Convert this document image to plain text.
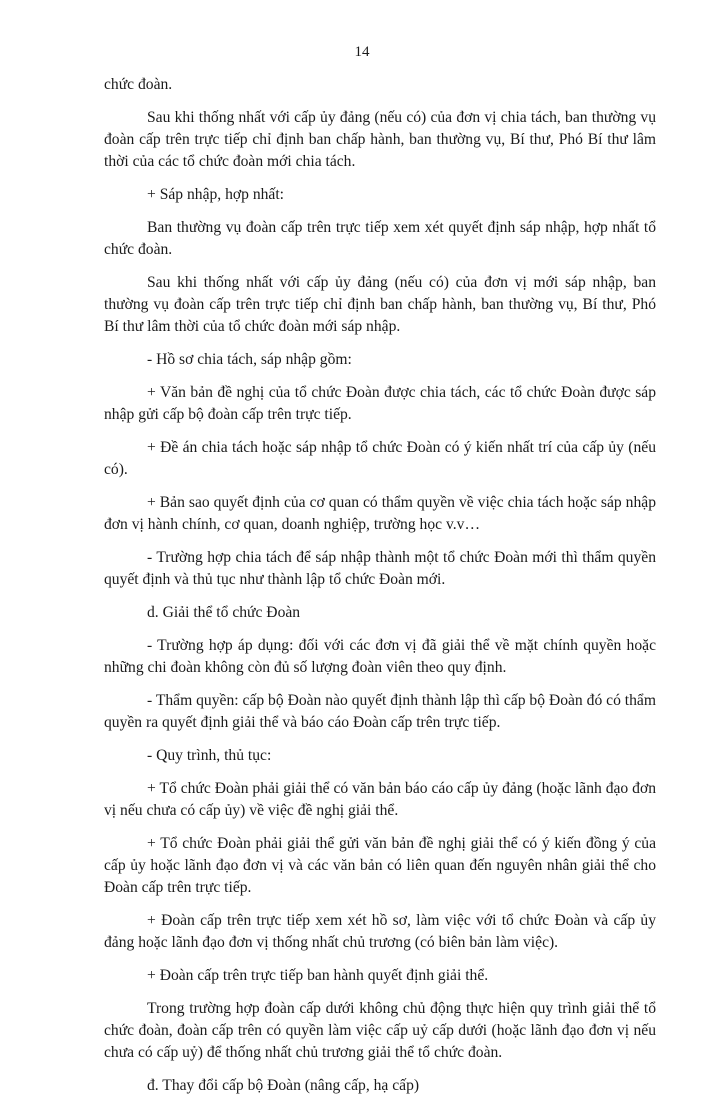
14

chức đoàn.

Sau khi thống nhất với cấp ủy đảng (nếu có) của đơn vị chia tách, ban thường vụ đoàn cấp trên trực tiếp chỉ định ban chấp hành, ban thường vụ, Bí thư, Phó Bí thư lâm thời của các tổ chức đoàn mới chia tách.

+ Sáp nhập, hợp nhất:

Ban thường vụ đoàn cấp trên trực tiếp xem xét quyết định sáp nhập, hợp nhất tổ chức đoàn.

Sau khi thống nhất với cấp ủy đảng (nếu có) của đơn vị mới sáp nhập, ban thường vụ đoàn cấp trên trực tiếp chỉ định ban chấp hành, ban thường vụ, Bí thư, Phó Bí thư lâm thời của tổ chức đoàn mới sáp nhập.

- Hồ sơ chia tách, sáp nhập gồm:

+ Văn bản đề nghị của tổ chức Đoàn được chia tách, các tổ chức Đoàn được sáp nhập gửi cấp bộ đoàn cấp trên trực tiếp.

+ Đề án chia tách hoặc sáp nhập tổ chức Đoàn có ý kiến nhất trí của cấp ủy (nếu có).

+ Bản sao quyết định của cơ quan có thẩm quyền về việc chia tách hoặc sáp nhập đơn vị hành chính, cơ quan, doanh nghiệp, trường học v.v…

- Trường hợp chia tách để sáp nhập thành một tổ chức Đoàn mới thì thẩm quyền quyết định và thủ tục như thành lập tổ chức Đoàn mới.

d. Giải thể tổ chức Đoàn

- Trường hợp áp dụng: đối với các đơn vị đã giải thể về mặt chính quyền hoặc những chi đoàn không còn đủ số lượng đoàn viên theo quy định.

- Thẩm quyền: cấp bộ Đoàn nào quyết định thành lập thì cấp bộ Đoàn đó có thẩm quyền ra quyết định giải thể và báo cáo Đoàn cấp trên trực tiếp.

- Quy trình, thủ tục:

+ Tổ chức Đoàn phải giải thể có văn bản báo cáo cấp ủy đảng (hoặc lãnh đạo đơn vị nếu chưa có cấp ủy) về việc đề nghị giải thể.

+ Tổ chức Đoàn phải giải thể gửi văn bản đề nghị giải thể có ý kiến đồng ý của cấp ủy hoặc lãnh đạo đơn vị và các văn bản có liên quan đến nguyên nhân giải thể cho Đoàn cấp trên trực tiếp.

+ Đoàn cấp trên trực tiếp xem xét hồ sơ, làm việc với tổ chức Đoàn và cấp ủy đảng hoặc lãnh đạo đơn vị thống nhất chủ trương (có biên bản làm việc).

+ Đoàn cấp trên trực tiếp ban hành quyết định giải thể.

Trong trường hợp đoàn cấp dưới không chủ động thực hiện quy trình giải thể tổ chức đoàn, đoàn cấp trên có quyền làm việc cấp uỷ cấp dưới (hoặc lãnh đạo đơn vị nếu chưa có cấp uỷ) để thống nhất chủ trương giải thể tổ chức đoàn.

đ. Thay đổi cấp bộ Đoàn (nâng cấp, hạ cấp)
